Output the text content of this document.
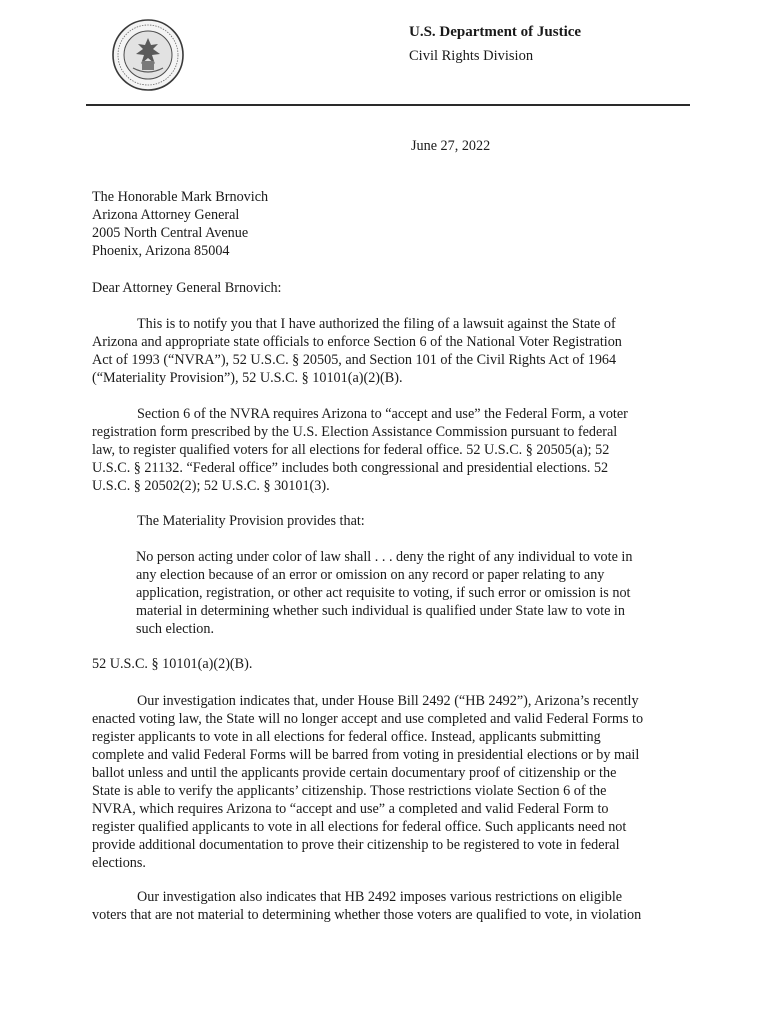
U.S. Department of Justice
Civil Rights Division
June 27, 2022
The Honorable Mark Brnovich
Arizona Attorney General
2005 North Central Avenue
Phoenix, Arizona 85004
Dear Attorney General Brnovich:
This is to notify you that I have authorized the filing of a lawsuit against the State of
Arizona and appropriate state officials to enforce Section 6 of the National Voter Registration
Act of 1993 (“NVRA”), 52 U.S.C. § 20505, and Section 101 of the Civil Rights Act of 1964
(“Materiality Provision”), 52 U.S.C. § 10101(a)(2)(B).
Section 6 of the NVRA requires Arizona to “accept and use” the Federal Form, a voter
registration form prescribed by the U.S. Election Assistance Commission pursuant to federal
law, to register qualified voters for all elections for federal office. 52 U.S.C. § 20505(a); 52
U.S.C. § 21132. “Federal office” includes both congressional and presidential elections. 52
U.S.C. § 20502(2); 52 U.S.C. § 30101(3).
The Materiality Provision provides that:
No person acting under color of law shall . . . deny the right of any individual to vote in
any election because of an error or omission on any record or paper relating to any
application, registration, or other act requisite to voting, if such error or omission is not
material in determining whether such individual is qualified under State law to vote in
such election.
52 U.S.C. § 10101(a)(2)(B).
Our investigation indicates that, under House Bill 2492 (“HB 2492”), Arizona’s recently
enacted voting law, the State will no longer accept and use completed and valid Federal Forms to
register applicants to vote in all elections for federal office. Instead, applicants submitting
complete and valid Federal Forms will be barred from voting in presidential elections or by mail
ballot unless and until the applicants provide certain documentary proof of citizenship or the
State is able to verify the applicants’ citizenship. Those restrictions violate Section 6 of the
NVRA, which requires Arizona to “accept and use” a completed and valid Federal Form to
register qualified applicants to vote in all elections for federal office. Such applicants need not
provide additional documentation to prove their citizenship to be registered to vote in federal
elections.
Our investigation also indicates that HB 2492 imposes various restrictions on eligible
voters that are not material to determining whether those voters are qualified to vote, in violation
